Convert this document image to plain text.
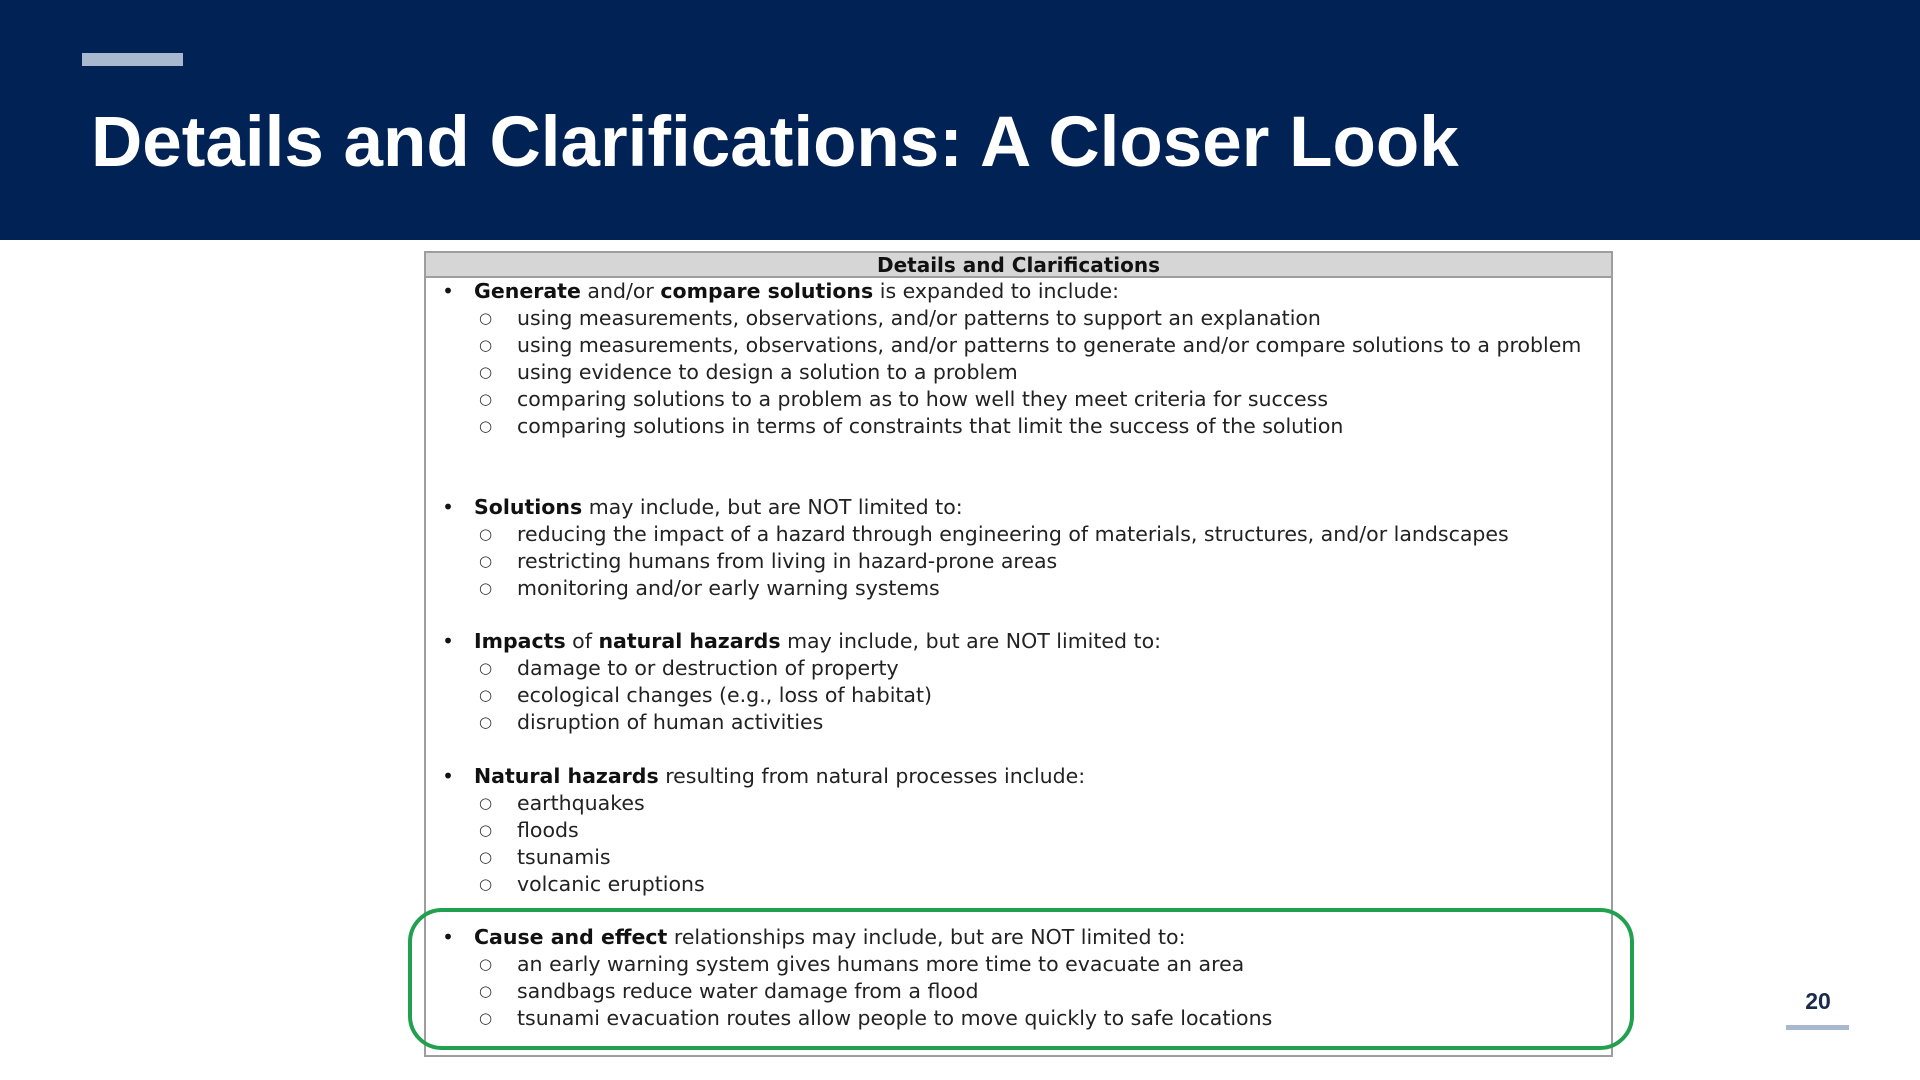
Details and Clarifications: A Closer Look
Details and Clarifications
• Generate and/or compare solutions is expanded to include:
○ using measurements, observations, and/or patterns to support an explanation
○ using measurements, observations, and/or patterns to generate and/or compare solutions to a problem
○ using evidence to design a solution to a problem
○ comparing solutions to a problem as to how well they meet criteria for success
○ comparing solutions in terms of constraints that limit the success of the solution
• Solutions may include, but are NOT limited to:
○ reducing the impact of a hazard through engineering of materials, structures, and/or landscapes
○ restricting humans from living in hazard-prone areas
○ monitoring and/or early warning systems
• Impacts of natural hazards may include, but are NOT limited to:
○ damage to or destruction of property
○ ecological changes (e.g., loss of habitat)
○ disruption of human activities
• Natural hazards resulting from natural processes include:
○ earthquakes
○ floods
○ tsunamis
○ volcanic eruptions
• Cause and effect relationships may include, but are NOT limited to:
○ an early warning system gives humans more time to evacuate an area
○ sandbags reduce water damage from a flood
○ tsunami evacuation routes allow people to move quickly to safe locations
20
